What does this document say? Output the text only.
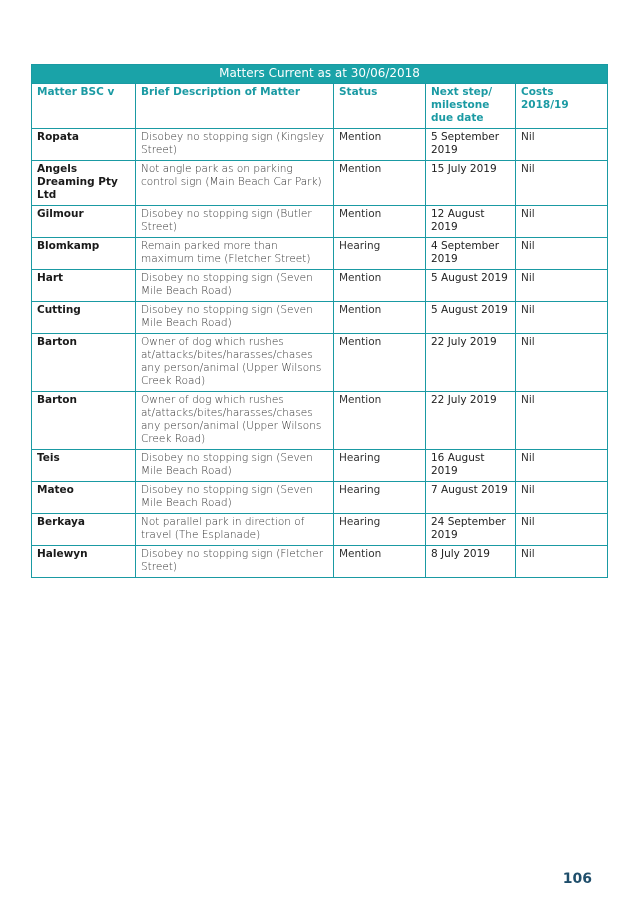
Matters Current as at 30/06/2018				
Matter BSC v	Brief Description of Matter	Status	Next step/ milestone due date	Costs 2018/19
Ropata	Disobey no stopping sign (Kingsley Street)	Mention	5 September 2019	Nil
Angels Dreaming Pty Ltd	Not angle park as on parking control sign (Main Beach Car Park)	Mention	15 July 2019	Nil
Gilmour	Disobey no stopping sign (Butler Street)	Mention	12 August 2019	Nil
Blomkamp	Remain parked more than maximum time (Fletcher Street)	Hearing	4 September 2019	Nil
Hart	Disobey no stopping sign (Seven Mile Beach Road)	Mention	5 August 2019	Nil
Cutting	Disobey no stopping sign (Seven Mile Beach Road)	Mention	5 August 2019	Nil
Barton	Owner of dog which rushes at/attacks/bites/harasses/chases any person/animal (Upper Wilsons Creek Road)	Mention	22 July 2019	Nil
Barton	Owner of dog which rushes at/attacks/bites/harasses/chases any person/animal (Upper Wilsons Creek Road)	Mention	22 July 2019	Nil
Teis	Disobey no stopping sign (Seven Mile Beach Road)	Hearing	16 August 2019	Nil
Mateo	Disobey no stopping sign (Seven Mile Beach Road)	Hearing	7 August 2019	Nil
Berkaya	Not parallel park in direction of travel (The Esplanade)	Hearing	24 September 2019	Nil
Halewyn	Disobey no stopping sign (Fletcher Street)	Mention	8 July 2019	Nil
106
